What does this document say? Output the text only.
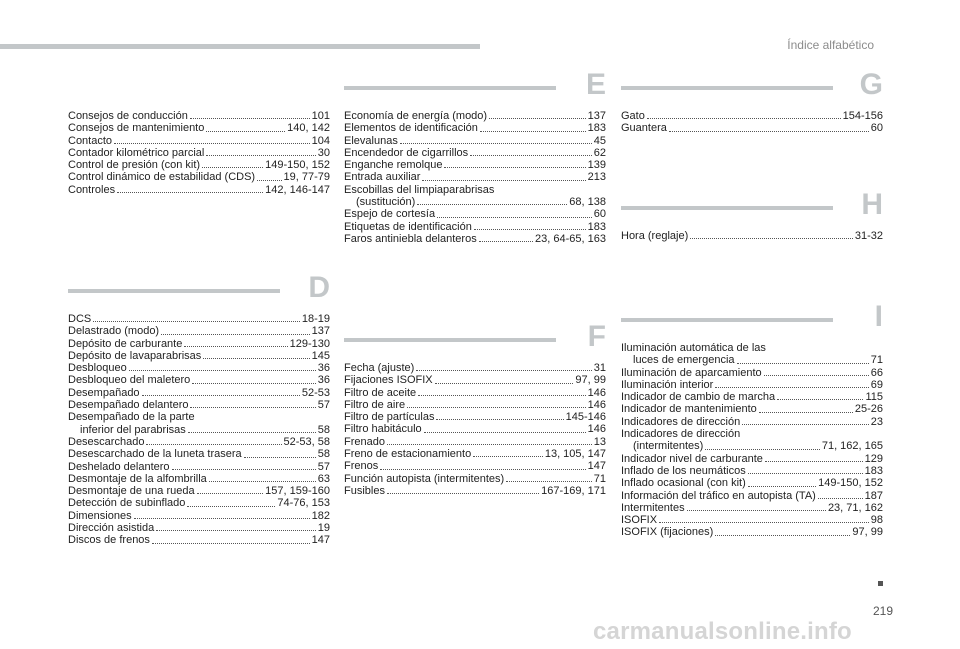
Índice alfabético
Consejos de conducción	101
Consejos de mantenimiento	140, 142
Contacto	104
Contador kilométrico parcial	30
Control de presión (con kit)	149-150, 152
Control dinámico de estabilidad (CDS)	19, 77-79
Controles	142, 146-147
D
DCS	18-19
Delastrado (modo)	137
Depósito de carburante	129-130
Depósito de lavaparabrisas	145
Desbloqueo	36
Desbloqueo del maletero	36
Desempañado	52-53
Desempañado delantero	57
Desempañado de la parte
inferior del parabrisas	58
Desescarchado	52-53, 58
Desescarchado de la luneta trasera	58
Deshelado delantero	57
Desmontaje de la alfombrilla	63
Desmontaje de una rueda	157, 159-160
Detección de subinflado	74-76, 153
Dimensiones	182
Dirección asistida	19
Discos de frenos	147
E
Economía de energía (modo)	137
Elementos de identificación	183
Elevalunas	45
Encendedor de cigarrillos	62
Enganche remolque	139
Entrada auxiliar	213
Escobillas del limpiaparabrisas
(sustitución)	68, 138
Espejo de cortesía	60
Etiquetas de identificación	183
Faros antiniebla delanteros	23, 64-65, 163
F
Fecha (ajuste)	31
Fijaciones ISOFIX	97, 99
Filtro de aceite	146
Filtro de aire	146
Filtro de partículas	145-146
Filtro habitáculo	146
Frenado	13
Freno de estacionamiento	13, 105, 147
Frenos	147
Función autopista (intermitentes)	71
Fusibles	167-169, 171
G
Gato	154-156
Guantera	60
H
Hora (reglaje)	31-32
I
Iluminación automática de las
luces de emergencia	71
Iluminación de aparcamiento	66
Iluminación interior	69
Indicador de cambio de marcha	115
Indicador de mantenimiento	25-26
Indicadores de dirección	23
Indicadores de dirección
(intermitentes)	71, 162, 165
Indicador nivel de carburante	129
Inflado de los neumáticos	183
Inflado ocasional (con kit)	149-150, 152
Información del tráfico en autopista (TA)	187
Intermitentes	23, 71, 162
ISOFIX	98
ISOFIX (fijaciones)	97, 99
219
carmanualsonline.info
